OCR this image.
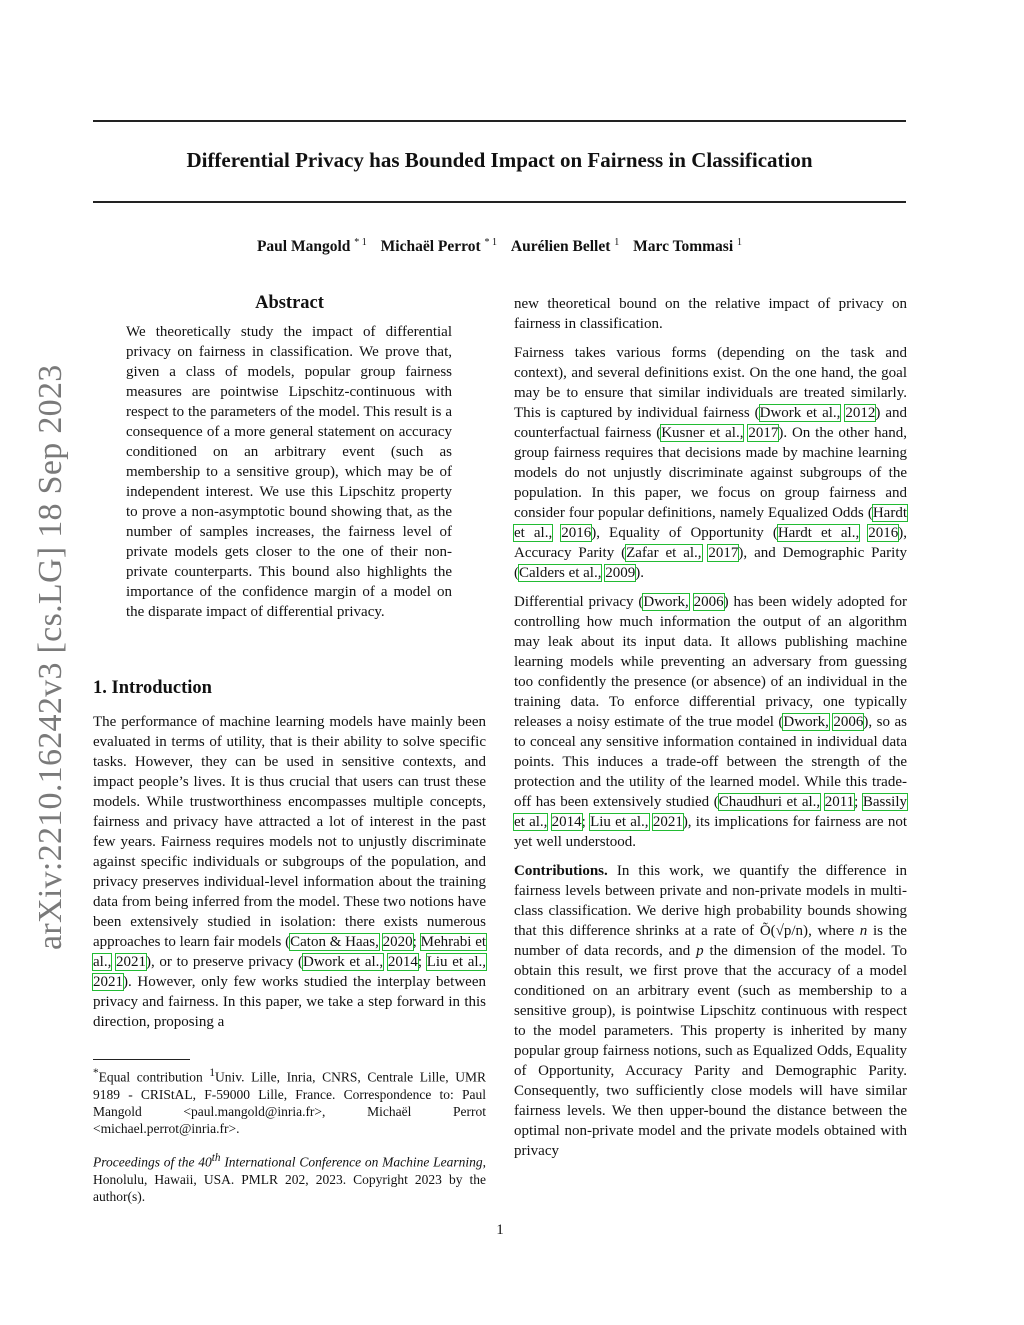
Differential Privacy has Bounded Impact on Fairness in Classification
Paul Mangold $^{* 1}$ Michaël Perrot $^{* 1}$ Aurélien Bellet $^1$ Marc Tommasi $^1$
arXiv:2210.16242v3 [cs.LG] 18 Sep 2023
Abstract
We theoretically study the impact of differential privacy on fairness in classification. We prove that, given a class of models, popular group fairness measures are pointwise Lipschitz-continuous with respect to the parameters of the model. This result is a consequence of a more general statement on accuracy conditioned on an arbitrary event (such as membership to a sensitive group), which may be of independent interest. We use this Lipschitz property to prove a non-asymptotic bound showing that, as the number of samples increases, the fairness level of private models gets closer to the one of their non-private counterparts. This bound also highlights the importance of the confidence margin of a model on the disparate impact of differential privacy.
1. Introduction
The performance of machine learning models have mainly been evaluated in terms of utility, that is their ability to solve specific tasks. However, they can be used in sensitive contexts, and impact people’s lives. It is thus crucial that users can trust these models. While trustworthiness encompasses multiple concepts, fairness and privacy have attracted a lot of interest in the past few years. Fairness requires models not to unjustly discriminate against specific individuals or subgroups of the population, and privacy preserves individual-level information about the training data from being inferred from the model. These two notions have been extensively studied in isolation: there exists numerous approaches to learn fair models (Caton & Haas, 2020; Mehrabi et al., 2021), or to preserve privacy (Dwork et al., 2014; Liu et al., 2021). However, only few works studied the interplay between privacy and fairness. In this paper, we take a step forward in this direction, proposing a
*Equal contribution $^1$Univ. Lille, Inria, CNRS, Centrale Lille, UMR 9189 - CRIStAL, F-59000 Lille, France. Correspondence to: Paul Mangold <paul.mangold@inria.fr>, Michaël Perrot <michael.perrot@inria.fr>.
Proceedings of the 40th International Conference on Machine Learning, Honolulu, Hawaii, USA. PMLR 202, 2023. Copyright 2023 by the author(s).

new theoretical bound on the relative impact of privacy on fairness in classification.

Fairness takes various forms (depending on the task and context), and several definitions exist. On the one hand, the goal may be to ensure that similar individuals are treated similarly. This is captured by individual fairness (Dwork et al., 2012) and counterfactual fairness (Kusner et al., 2017). On the other hand, group fairness requires that decisions made by machine learning models do not unjustly discriminate against subgroups of the population. In this paper, we focus on group fairness and consider four popular definitions, namely Equalized Odds (Hardt et al., 2016), Equality of Opportunity (Hardt et al., 2016), Accuracy Parity (Zafar et al., 2017), and Demographic Parity (Calders et al., 2009).

Differential privacy (Dwork, 2006) has been widely adopted for controlling how much information the output of an algorithm may leak about its input data. It allows publishing machine learning models while preventing an adversary from guessing too confidently the presence (or absence) of an individual in the training data. To enforce differential privacy, one typically releases a noisy estimate of the true model (Dwork, 2006), so as to conceal any sensitive information contained in individual data points. This induces a trade-off between the strength of the protection and the utility of the learned model. While this trade-off has been extensively studied (Chaudhuri et al., 2011; Bassily et al., 2014; Liu et al., 2021), its implications for fairness are not yet well understood.

Contributions. In this work, we quantify the difference in fairness levels between private and non-private models in multi-class classification. We derive high probability bounds showing that this difference shrinks at a rate of Õ(√p/n), where n is the number of data records, and p the dimension of the model. To obtain this result, we first prove that the accuracy of a model conditioned on an arbitrary event (such as membership to a sensitive group), is pointwise Lipschitz continuous with respect to the model parameters. This property is inherited by many popular group fairness notions, such as Equalized Odds, Equality of Opportunity, Accuracy Parity and Demographic Parity. Consequently, two sufficiently close models will have similar fairness levels. We then upper-bound the distance between the optimal non-private model and the private models obtained with privacy

1
